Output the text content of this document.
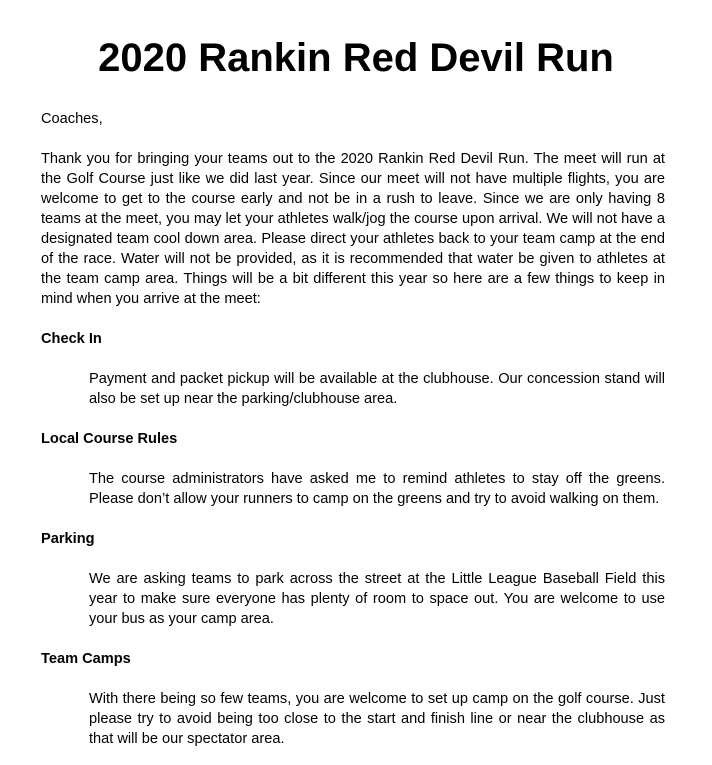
2020 Rankin Red Devil Run

Coaches,

Thank you for bringing your teams out to the 2020 Rankin Red Devil Run. The meet will run at the Golf Course just like we did last year. Since our meet will not have multiple flights, you are welcome to get to the course early and not be in a rush to leave. Since we are only having 8 teams at the meet, you may let your athletes walk/jog the course upon arrival. We will not have a designated team cool down area. Please direct your athletes back to your team camp at the end of the race. Water will not be provided, as it is recommended that water be given to athletes at the team camp area. Things will be a bit different this year so here are a few things to keep in mind when you arrive at the meet:

Check In

Payment and packet pickup will be available at the clubhouse. Our concession stand will also be set up near the parking/clubhouse area.

Local Course Rules

The course administrators have asked me to remind athletes to stay off the greens. Please don’t allow your runners to camp on the greens and try to avoid walking on them.

Parking

We are asking teams to park across the street at the Little League Baseball Field this year to make sure everyone has plenty of room to space out. You are welcome to use your bus as your camp area.

Team Camps

With there being so few teams, you are welcome to set up camp on the golf course. Just please try to avoid being too close to the start and finish line or near the clubhouse as that will be our spectator area.
